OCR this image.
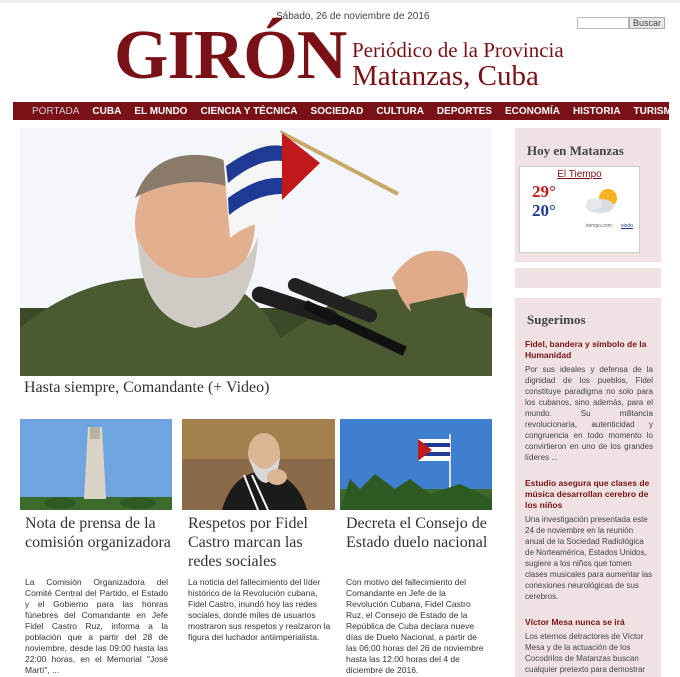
Sábado, 26 de noviembre de 2016
Buscar
GIRÓN Periódico de la Provincia
Matanzas, Cuba
PORTADA CUBA EL MUNDO CIENCIA Y TÉCNICA SOCIEDAD CULTURA DEPORTES ECONOMÍA HISTORIA TURISMO
Hasta siempre, Comandante (+ Video)
Nota de prensa de la comisión organizadora
La Comisión Organizadora del Comité Central del Partido, el Estado y el Gobierno para las honras fúnebres del Comandante en Jefe Fidel Castro Ruz, informa a la población que a partir del 28 de noviembre, desde las 09:00 hasta las 22:00 horas, en el Memorial "José Martí", ...
Respetos por Fidel Castro marcan las redes sociales
La noticia del fallecimiento del líder histórico de la Revolución cubana, Fidel Castro, inundó hoy las redes sociales, donde miles de usuarios mostraron sus respetos y realzaron la figura del luchador antiimperialista.
Decreta el Consejo de Estado duelo nacional
Con motivo del fallecimiento del Comandante en Jefe de la Revolución Cubana, Fidel Castro Ruz, el Consejo de Estado de la República de Cuba declara nueve días de Duelo Nacional, a partir de las 06:00 horas del 26 de noviembre hasta las 12:00 horas del 4 de diciembre de 2016.
Hoy en Matanzas
El Tiempo
29°
20°
tiempo.com viedo
Sugerimos
Fidel, bandera y símbolo de la Humanidad
Por sus ideales y defensa de la dignidad de los pueblos, Fidel constituye paradigma no solo para los cubanos, sino además, para el mundo. Su militancia revolucionaria, autenticidad y congruencia en todo momento lo convirtieron en uno de los grandes líderes ...
Estudio asegura que clases de música desarrollan cerebro de los niños
Una investigación presentada este 24 de noviembre en la reunión anual de la Sociedad Radiológica de Norteamérica, Estados Unidos, sugiere a los niños que tomen clases musicales para aumentar las conexiones neurológicas de sus cerebros.
Víctor Mesa nunca se irá
Los eternos detractores de Víctor Mesa y de la actuación de los Cocodrilos de Matanzas buscan cualquier pretexto para demostrar
